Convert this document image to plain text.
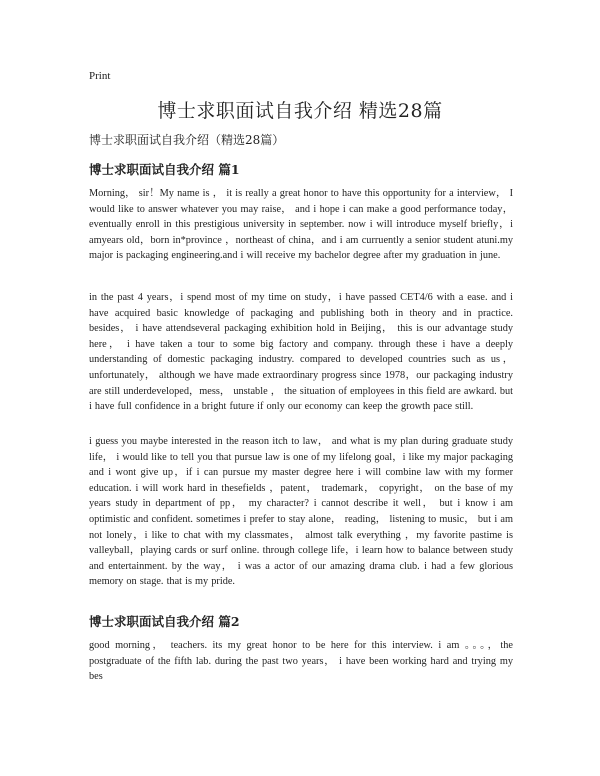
Print
博士求职面试自我介绍 精选28篇

博士求职面试自我介绍（精选28篇）

博士求职面试自我介绍 篇1

Morning， sir！My name is ， it is really a great honor to have this opportunity for a interview， I would like to answer whatever you may raise， and i hope i can make a good performance today， eventually enroll in this prestigious university in september. now i will introduce myself briefly，i amyears old，born in*province ，northeast of china，and i am curruently a senior student atuni.my major is packaging engineering.and i will receive my bachelor degree after my graduation in june.

in the past 4 years，i spend most of my time on study，i have passed CET4/6 with a ease. and i have acquired basic knowledge of packaging and publishing both in theory and in practice. besides， i have attendseveral packaging exhibition hold in Beijing， this is our advantage study here， i have taken a tour to some big factory and company. through these i have a deeply understanding of domestic packaging industry. compared to developed countries such as us， unfortunately， although we have made extraordinary progress since 1978，our packaging industry are still underdeveloped，mess， unstable ， the situation of employees in this field are awkard. but i have full confidence in a bright future if only our economy can keep the growth pace still.

i guess you maybe interested in the reason itch to law， and what is my plan during graduate study life， i would like to tell you that pursue law is one of my lifelong goal，i like my major packaging and i wont give up，if i can pursue my master degree here i will combine law with my former education. i will work hard in thesefields ，patent， trademark， copyright， on the base of my years study in department of pp， my character? i cannot describe it well， but i know i am optimistic and confident. sometimes i prefer to stay alone， reading， listening to music， but i am not lonely，i like to chat with my classmates， almost talk everything ，my favorite pastime is valleyball，playing cards or surf online. through college life，i learn how to balance between study and entertainment. by the way， i was a actor of our amazing drama club. i had a few glorious memory on stage. that is my pride.

博士求职面试自我介绍 篇2

good morning， teachers. its my great honor to be here for this interview. i am 。。。，the postgraduate of the fifth lab. during the past two years， i have been working hard and trying my bes
